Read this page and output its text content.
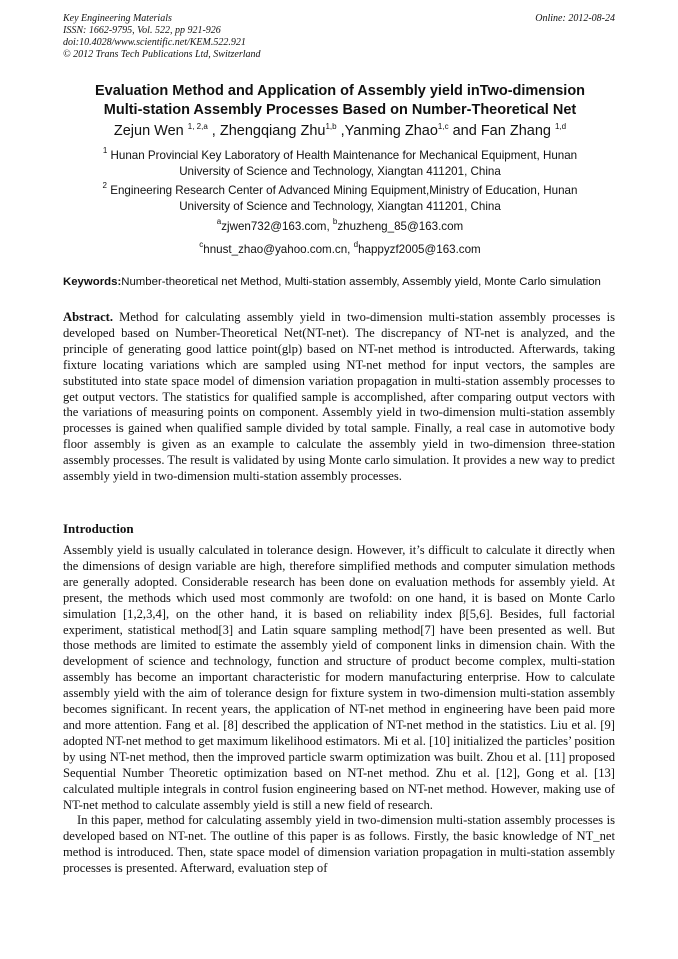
Key Engineering Materials
ISSN: 1662-9795, Vol. 522, pp 921-926
doi:10.4028/www.scientific.net/KEM.522.921
© 2012 Trans Tech Publications Ltd, Switzerland
Online: 2012-08-24
Evaluation Method and Application of Assembly yield inTwo-dimension
Multi-station Assembly Processes Based on Number-Theoretical Net
Zejun Wen $^{1, 2,a}$ , Zhengqiang Zhu$^{1,b}$ ,Yanming Zhao$^{1,c}$ and Fan Zhang $^{1,d}$
$^1$ Hunan Provincial Key Laboratory of Health Maintenance for Mechanical Equipment, Hunan
University of Science and Technology, Xiangtan 411201, China
$^2$ Engineering Research Center of Advanced Mining Equipment,Ministry of Education, Hunan
University of Science and Technology, Xiangtan 411201, China
$^a$zjwen732@163.com, $^b$zhuzheng_85@163.com
$^c$hnust_zhao@yahoo.com.cn, $^d$happyzf2005@163.com
Keywords:Number-theoretical net Method, Multi-station assembly, Assembly yield, Monte Carlo simulation
Abstract. Method for calculating assembly yield in two-dimension multi-station assembly processes is developed based on Number-Theoretical Net(NT-net). The discrepancy of NT-net is analyzed, and the principle of generating good lattice point(glp) based on NT-net method is introducted. Afterwards, taking fixture locating variations which are sampled using NT-net method for input vectors, the samples are substituted into state space model of dimension variation propagation in multi-station assembly processes to get output vectors. The statistics for qualified sample is accomplished, after comparing output vectors with the variations of measuring points on component. Assembly yield in two-dimension multi-station assembly processes is gained when qualified sample divided by total sample. Finally, a real case in automotive body floor assembly is given as an example to calculate the assembly yield in two-dimension three-station assembly processes. The result is validated by using Monte carlo simulation. It provides a new way to predict assembly yield in two-dimension multi-station assembly processes.
Introduction

Assembly yield is usually calculated in tolerance design. However, it’s difficult to calculate it directly when the dimensions of design variable are high, therefore simplified methods and computer simulation methods are generally adopted. Considerable research has been done on evaluation methods for assembly yield. At present, the methods which used most commonly are twofold: on one hand, it is based on Monte Carlo simulation [1,2,3,4], on the other hand, it is based on reliability index β[5,6]. Besides, full factorial experiment, statistical method[3] and Latin square sampling method[7] have been presented as well. But those methods are limited to estimate the assembly yield of component links in dimension chain. With the development of science and technology, function and structure of product become complex, multi-station assembly has become an important characteristic for modern manufacturing enterprise. How to calculate assembly yield with the aim of tolerance design for fixture system in two-dimension multi-station assembly becomes significant. In recent years, the application of NT-net method in engineering have been paid more and more attention. Fang et al. [8] described the application of NT-net method in the statistics. Liu et al. [9] adopted NT-net method to get maximum likelihood estimators. Mi et al. [10] initialized the particles’ position by using NT-net method, then the improved particle swarm optimization was built. Zhou et al. [11] proposed Sequential Number Theoretic optimization based on NT-net method. Zhu et al. [12], Gong et al. [13] calculated multiple integrals in control fusion engineering based on NT-net method. However, making use of NT-net method to calculate assembly yield is still a new field of research.

In this paper, method for calculating assembly yield in two-dimension multi-station assembly processes is developed based on NT-net. The outline of this paper is as follows. Firstly, the basic knowledge of NT_net method is introduced. Then, state space model of dimension variation propagation in multi-station assembly processes is presented. Afterward, evaluation step of
